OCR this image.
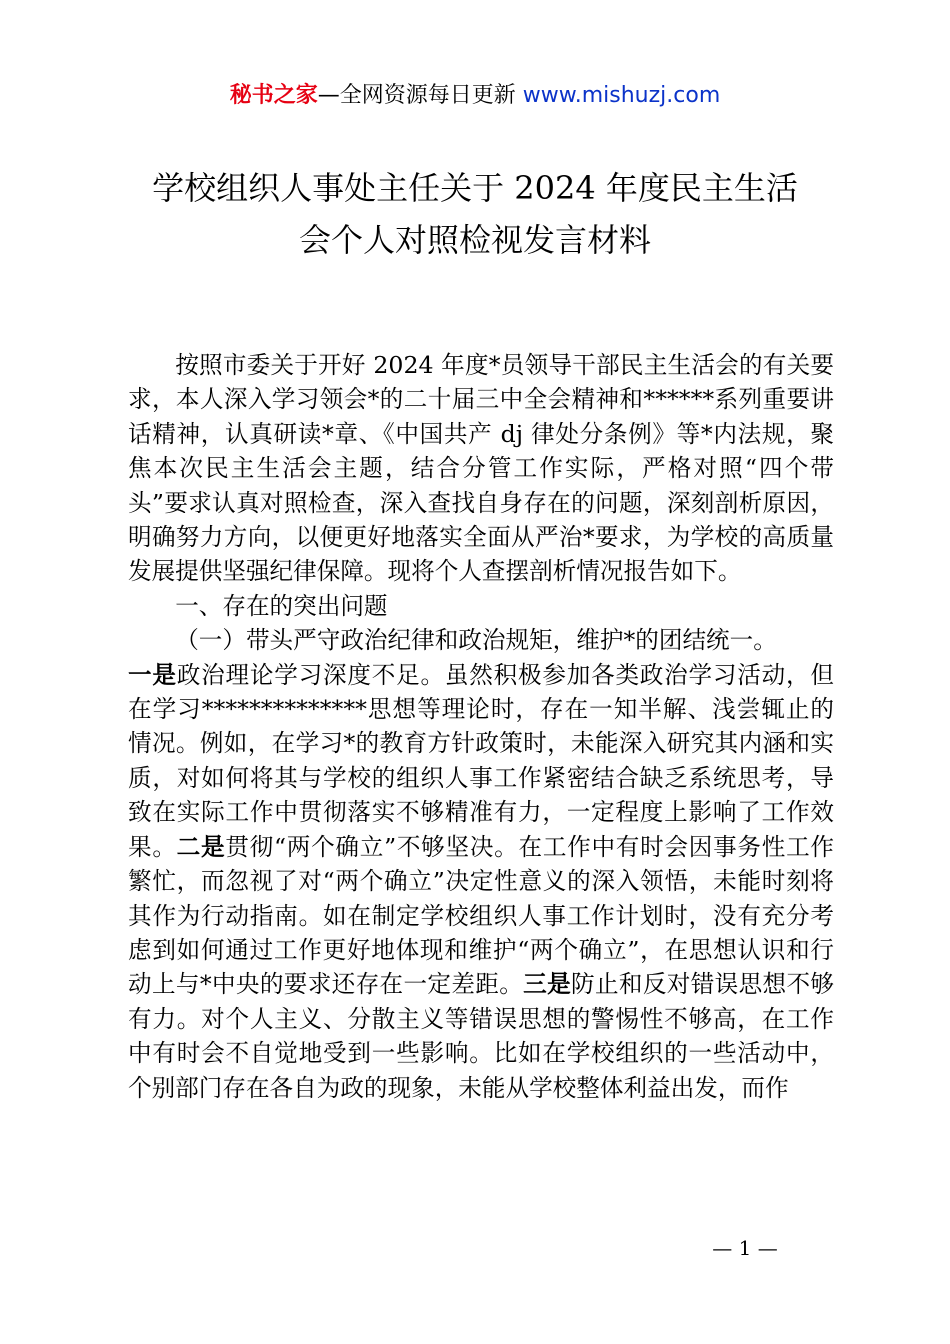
秘书之家—全网资源每日更新 www.mishuzj.com
学校组织人事处主任关于 2024 年度民主生活
会个人对照检视发言材料

按照市委关于开好 2024 年度*员领导干部民主生活会的有关要求，本人深入学习领会*的二十届三中全会精神和******系列重要讲话精神，认真研读*章、《中国共产 dj 律处分条例》等*内法规，聚焦本次民主生活会主题，结合分管工作实际，严格对照“四个带头”要求认真对照检查，深入查找自身存在的问题，深刻剖析原因，明确努力方向，以便更好地落实全面从严治*要求，为学校的高质量发展提供坚强纪律保障。现将个人查摆剖析情况报告如下。

一、存在的突出问题

（一）带头严守政治纪律和政治规矩，维护*的团结统一。

一是政治理论学习深度不足。虽然积极参加各类政治学习活动，但在学习**************思想等理论时，存在一知半解、浅尝辄止的情况。例如，在学习*的教育方针政策时，未能深入研究其内涵和实质，对如何将其与学校的组织人事工作紧密结合缺乏系统思考，导致在实际工作中贯彻落实不够精准有力，一定程度上影响了工作效果。二是贯彻“两个确立”不够坚决。在工作中有时会因事务性工作繁忙，而忽视了对“两个确立”决定性意义的深入领悟，未能时刻将其作为行动指南。如在制定学校组织人事工作计划时，没有充分考虑到如何通过工作更好地体现和维护“两个确立”，在思想认识和行动上与*中央的要求还存在一定差距。三是防止和反对错误思想不够有力。对个人主义、分散主义等错误思想的警惕性不够高，在工作中有时会不自觉地受到一些影响。比如在学校组织的一些活动中，个别部门存在各自为政的现象，未能从学校整体利益出发，而作

— 1 —
